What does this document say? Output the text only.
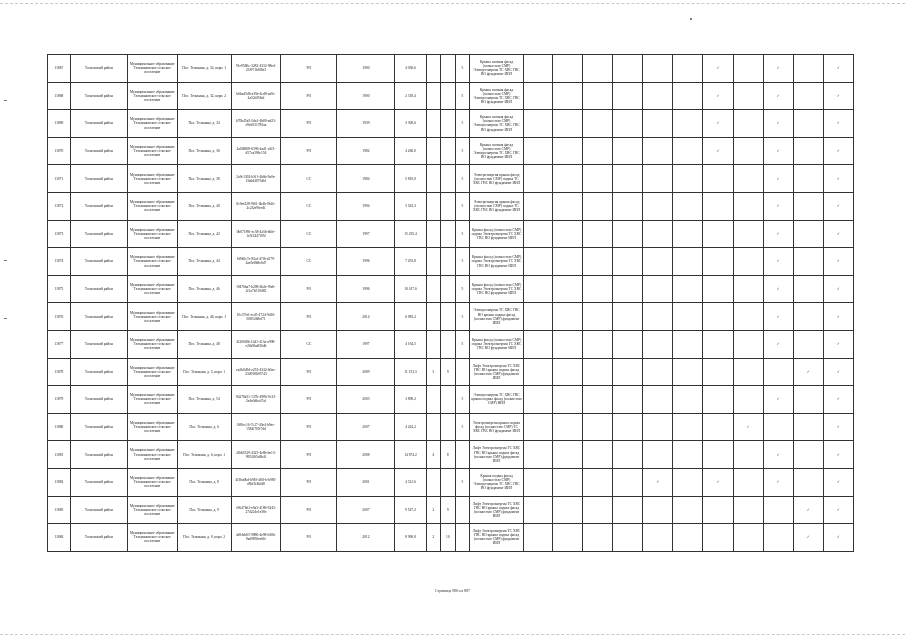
11867	Тосненский район	Муниципальное образование Тельмановское сельское поселение	Пос. Тельмана, д. 32, корп. 1	91e9586c-3282-4332-98ed-23f971b8f0e3	РО	1900	4 036,6			5	Крыша скатная фасад (полностью СМР) Электроэнергия ТС ХВС ГВС ВО фундамент ИИЛ							✓		✓		✓
11868	Тосненский район	Муниципальное образование Тельмановское сельское поселение	Пос. Тельмана, д. 32, корп. 2	b6ba45d6-a39e-4cd8-aa9c-4a52df5fbd	РО	1900	2 318,4			5	Крыша скатная фасад (полностью СМР) Электроэнергия ТС ХВС ГВС ВО фундамент ИИЛ							✓		✓		✓
11869	Тосненский район	Муниципальное образование Тельмановское сельское поселение	Пос. Тельмана, д. 34	b70b45a5-5da1-4b80-ad23-e9eb531785aa	РО	1939	3 300,6			5	Крыша скатная фасад (полностью СМР) Электроэнергия ТС ХВС ГВС ВО фундамент ИИЛ							✓		✓		✓
11870	Тосненский район	Муниципальное образование Тельмановское сельское поселение	Пос. Тельмана, д. 36	2a0488f8-6596-4ad1-a3f3-d57ca596c154	РО	1982	4 260,0			5	Крыша скатная фасад (полностью СМР) Электроэнергия ТС ХВС ГВС ВО фундамент ИИЛ							✓		✓		✓
11871	Тосненский район	Муниципальное образование Тельмановское сельское поселение	Пос. Тельмана, д. 38	2a9c1302-b3f1-4b6b-9a0e-f3a6d4075dbf	СС	1984	5 810,0			5	Электроэнергия крыша фасад (полностью СМР) подвал ТС ХВС ГВС ВО фундамент ИИЛ									✓		✓
11872	Тосненский район	Муниципальное образование Тельмановское сельское поселение	Пос. Тельмана, д. 40	8c9ef428-9f61-4b4b-9b1b-2c2f2e9fee4f	СС	1994	3 543,3			5	Электроэнергия крыша фасад (полностью СМР) подвал ТС ХВС ГВС ВО фундамент ИИЛ									✓		✓
11873	Тосненский район	Муниципальное образование Тельмановское сельское поселение	Пос. Тельмана, д. 42	0b67189f-ec38-4a5b-b6fe-1e5f3447f05f	СС	1997	15 235,4			5	Крыша фасад (полностью СМР) подвал Электроэнергия ТС ХВС ГВС ВО фундамент ИИЛ									✓		✓
11874	Тосненский район	Муниципальное образование Тельмановское сельское поселение	Пос. Тельмана, д. 44	6f9b5c7e-82af-47f6-a579-4ae5e8b8e6d7	СС	1996	7 453,8			5	Крыша фасад (полностью СМР) подвал Электроэнергия ТС ХВС ГВС ВО фундамент ИИЛ									✓		✓
11875	Тосненский район	Муниципальное образование Тельмановское сельское поселение	Пос. Тельмана, д. 46	f9476ba7-b208-4b2e-9fe6-2f1a7b510d83	РО	1996	10 417,6			5	Крыша фасад (полностью СМР) подвал Электроэнергия ТС ХВС ГВС ВО фундамент ИИЛ									✓		✓
11876	Тосненский район	Муниципальное образование Тельмановское сельское поселение	Пос. Тельмана, д. 46, корп. 1	10c37fef-ecd5-4724-9d16-50ff5268ef71	РО	2014	6 983,2			5	Электроэнергия ТС ХВС ГВС ВО крыша подвал фасад (полностью СМР) фундамент ИИЛ									✓		✓
11877	Тосненский район	Муниципальное образование Тельмановское сельское поселение	Пос. Тельмана, д. 48	4f206f8b-12d1-413a-a998-e20a9ba836db	СС	1997	4 164,5			5	Крыша фасад (полностью СМР) подвал Электроэнергия ТС ХВС ГВС ВО фундамент ИИЛ									✓		✓
11878	Тосненский район	Муниципальное образование Тельмановское сельское поселение	Пос. Тельмана, д. 5, корп. 1	ea2b0d5d-e253-4342-b0ac-23d918b93743	РО	2009	11 153,3	3	9		Лифт Электроэнергия ТС ХВС ГВС ВО крыша подвал фасад (полностью СМР) фундамент ИИЛ										✓	✓
11879	Тосненский район	Муниципальное образование Тельмановское сельское поселение	Пос. Тельмана, д. 54	9d278a51-137b-4986-9c33-2e4e0dbcd7af	РО	2003	3 890,2			5	Электроэнергия ТС ХВС ГВС крыша подвал фасад (полностью СМР) ИИЛ									✓		✓
11880	Тосненский район	Муниципальное образование Тельмановское сельское поселение	Пос. Тельмана, д. 6	0f8fcc16-7c27-43e4-b9ec-1584f7f0f7dd	РО	2007	4 244,2			5	Электроэнергия крыша подвал фасад (полностью СМР) ТС ХВС ГВС ВО фундамент ИИЛ								✓			✓
11881	Тосненский район	Муниципальное образование Тельмановское сельское поселение	Пос. Тельмана, д. 6, корп. 1	2f6b5529-4325-4e8b-be13-9952f65a9b4f	РО	2008	14 874,2	4	8		Лифт Электроэнергия ТС ХВС ГВС ВО крыша подвал фасад (полностью СМР) фундамент ИИЛ									✓		✓
11882	Тосненский район	Муниципальное образование Тельмановское сельское поселение	Пос. Тельмана, д. 8	4f3ba0bd-b98f-4f0f-b-b985-e8bf3f4bfd8	РО	2001	4 321,6			5	Крыша подвал фасад (полностью СМР) Электроэнергия ТС ХВС ГВС ВО фундамент ИИЛ					✓		✓		✓		✓
11883	Тосненский район	Муниципальное образование Тельмановское сельское поселение	Пос. Тельмана, д. 9	c9647b61-e9a3-4186-9243-27d224e1e58e	РО	2007	9 547,2	2	9		Лифт Электроэнергия ТС ХВС ГВС ВО крыша подвал фасад (полностью СМР) фундамент ИИЛ										✓	✓
11884	Тосненский район	Муниципальное образование Тельмановское сельское поселение	Пос. Тельмана, д. 9, корп. 2	4e84eb05-9886-4e98-b30b-9ad9856ee0fe	РО	2012	8 990,8	2	10		Лифт Электроэнергия ТС ХВС ГВС ВО крыша подвал фасад (полностью СМР) фундамент ИИЛ										✓	✓
Страница 886 из 887
